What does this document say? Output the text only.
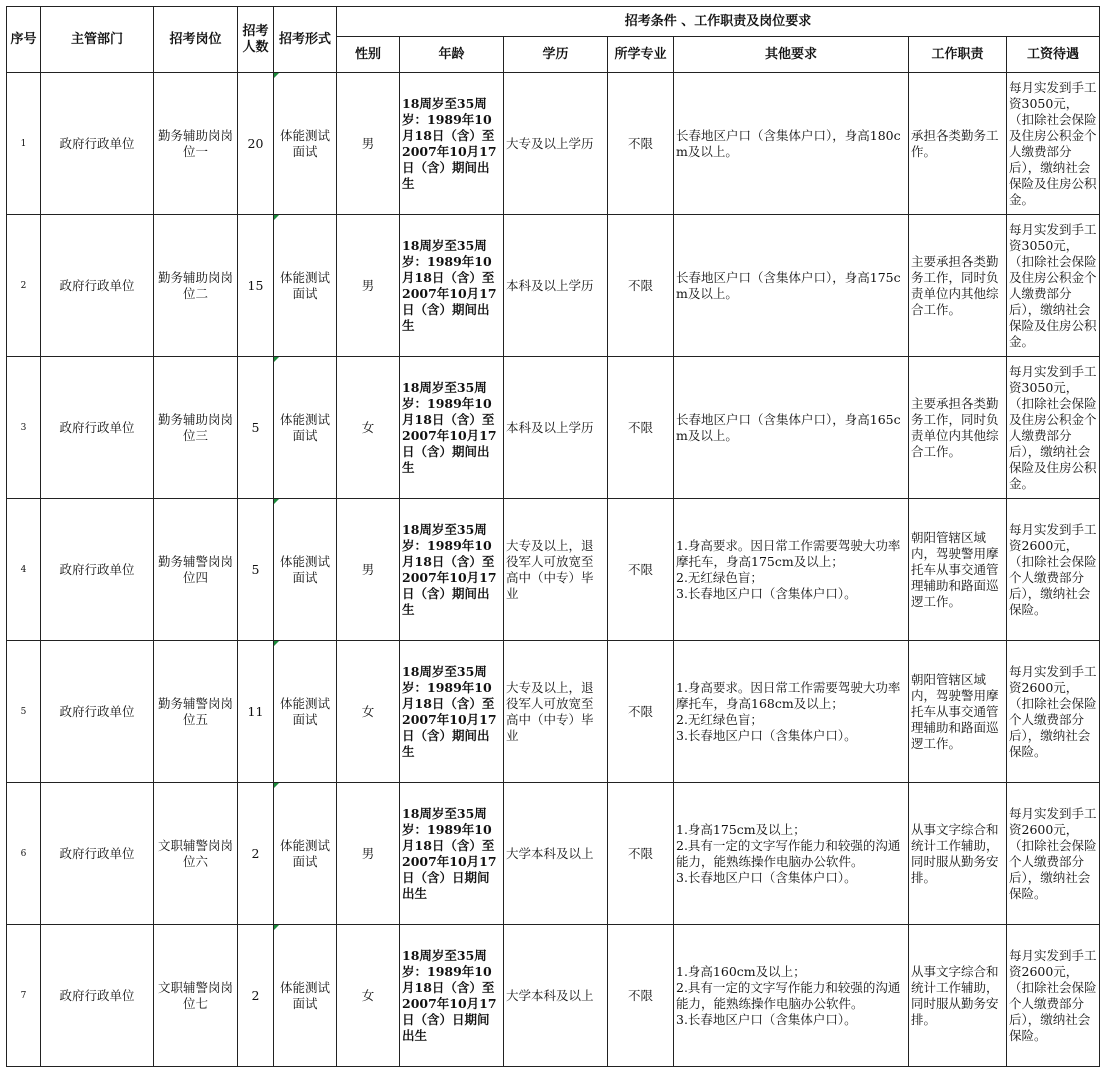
序号	主管部门	招考岗位	招考人数	招考形式	招考条件 、工作职责及岗位要求						
					性别	年龄	学历	所学专业	其他要求	工作职责	工资待遇
1	政府行政单位	勤务辅助岗岗位一	20	体能测试面试	男	18周岁至35周岁：1989年10月18日（含）至2007年10月17日（含）期间出生	大专及以上学历	不限	长春地区户口（含集体户口），身高180cm及以上。	承担各类勤务工作。	每月实发到手工资3050元，（扣除社会保险及住房公积金个人缴费部分后），缴纳社会保险及住房公积金。
2	政府行政单位	勤务辅助岗岗位二	15	体能测试面试	男	18周岁至35周岁：1989年10月18日（含）至2007年10月17日（含）期间出生	本科及以上学历	不限	长春地区户口（含集体户口），身高175cm及以上。	主要承担各类勤务工作，同时负责单位内其他综合工作。	每月实发到手工资3050元，（扣除社会保险及住房公积金个人缴费部分后），缴纳社会保险及住房公积金。
3	政府行政单位	勤务辅助岗岗位三	5	体能测试面试	女	18周岁至35周岁：1989年10月18日（含）至2007年10月17日（含）期间出生	本科及以上学历	不限	长春地区户口（含集体户口），身高165cm及以上。	主要承担各类勤务工作，同时负责单位内其他综合工作。	每月实发到手工资3050元，（扣除社会保险及住房公积金个人缴费部分后），缴纳社会保险及住房公积金。
4	政府行政单位	勤务辅警岗岗位四	5	体能测试面试	男	18周岁至35周岁：1989年10月18日（含）至2007年10月17日（含）期间出生	大专及以上，退役军人可放宽至高中（中专）毕业	不限	1.身高要求。因日常工作需要驾驶大功率摩托车，身高175cm及以上；
2.无红绿色盲；
3.长春地区户口（含集体户口）。	朝阳管辖区域内，驾驶警用摩托车从事交通管理辅助和路面巡逻工作。	每月实发到手工资2600元，（扣除社会保险个人缴费部分后），缴纳社会保险。
5	政府行政单位	勤务辅警岗岗位五	11	体能测试面试	女	18周岁至35周岁：1989年10月18日（含）至2007年10月17日（含）期间出生	大专及以上，退役军人可放宽至高中（中专）毕业	不限	1.身高要求。因日常工作需要驾驶大功率摩托车，身高168cm及以上；
2.无红绿色盲；
3.长春地区户口（含集体户口）。	朝阳管辖区域内，驾驶警用摩托车从事交通管理辅助和路面巡逻工作。	每月实发到手工资2600元，（扣除社会保险个人缴费部分后），缴纳社会保险。
6	政府行政单位	文职辅警岗岗位六	2	体能测试面试	男	18周岁至35周岁：1989年10月18日（含）至2007年10月17日（含）日期间出生	大学本科及以上	不限	1.身高175cm及以上；
2.具有一定的文字写作能力和较强的沟通能力，能熟练操作电脑办公软件。
3.长春地区户口（含集体户口）。	从事文字综合和统计工作辅助，同时服从勤务安排。	每月实发到手工资2600元，（扣除社会保险个人缴费部分后），缴纳社会保险。
7	政府行政单位	文职辅警岗岗位七	2	体能测试面试	女	18周岁至35周岁：1989年10月18日（含）至2007年10月17日（含）日期间出生	大学本科及以上	不限	1.身高160cm及以上；
2.具有一定的文字写作能力和较强的沟通能力，能熟练操作电脑办公软件。
3.长春地区户口（含集体户口）。	从事文字综合和统计工作辅助，同时服从勤务安排。	每月实发到手工资2600元，（扣除社会保险个人缴费部分后），缴纳社会保险。
